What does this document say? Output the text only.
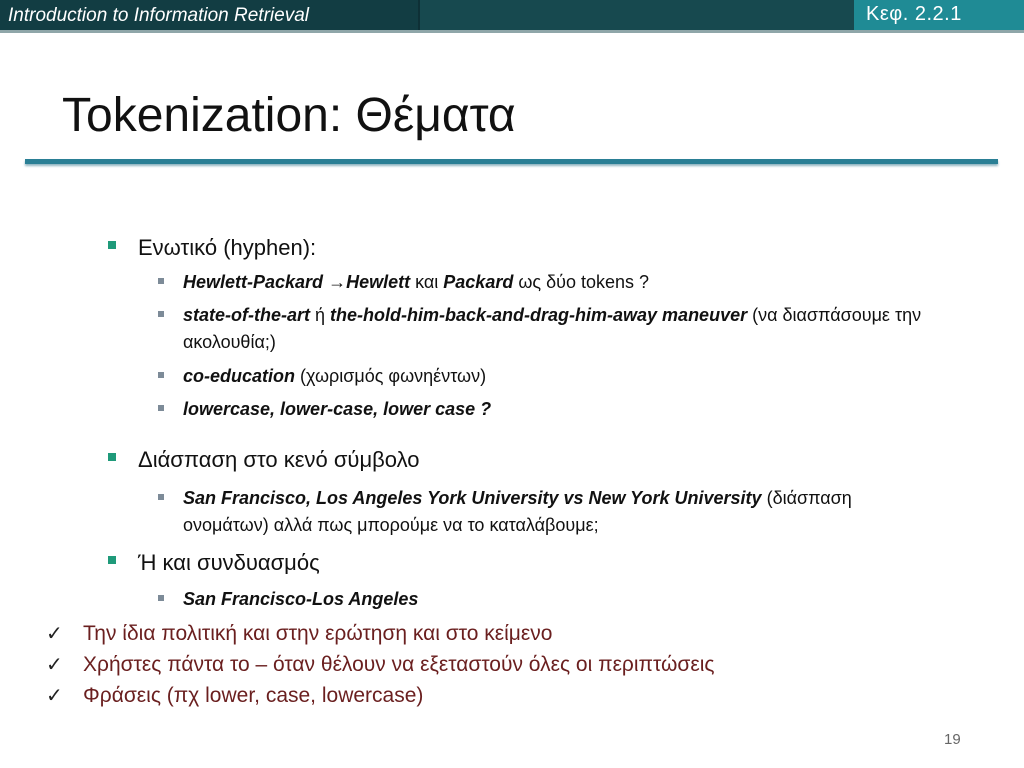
Introduction to Information Retrieval	Κεφ. 2.2.1
Tokenization: Θέματα
Ενωτικό (hyphen):
Hewlett-Packard →Hewlett και Packard ως δύο tokens ?
state-of-the-art ή the-hold-him-back-and-drag-him-away maneuver (να διασπάσουμε την ακολουθία;)
co-education (χωρισμός φωνηέντων)
lowercase, lower-case, lower case ?
Διάσπαση στο κενό σύμβολο
San Francisco, Los Angeles York University vs New York University (διάσπαση ονομάτων) αλλά πως μπορούμε να το καταλάβουμε;
Ή και συνδυασμός
San Francisco-Los Angeles
✓ Την ίδια πολιτική και στην ερώτηση και στο κείμενο
✓ Χρήστες πάντα το – όταν θέλουν να εξεταστούν όλες οι περιπτώσεις
✓ Φράσεις (πχ lower, case, lowercase)
19
